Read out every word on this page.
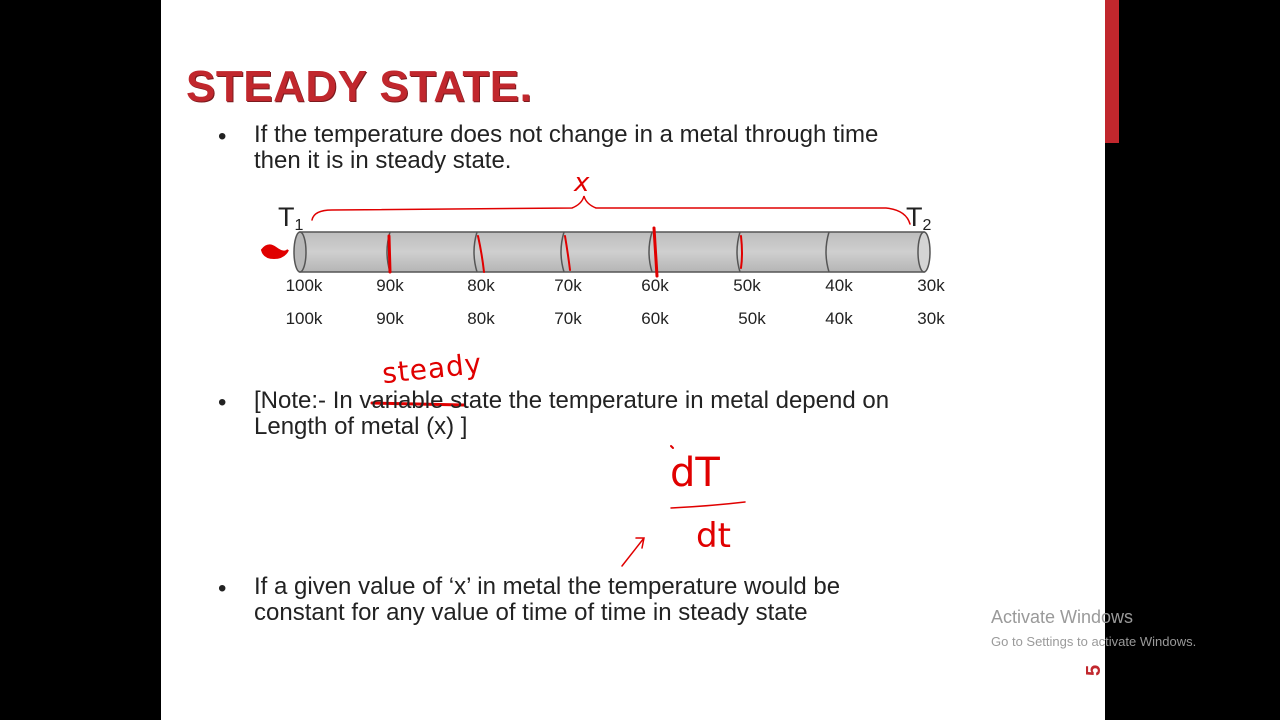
STEADY STATE.
• If the temperature does not change in a metal through time
then it is in steady state.
$T_1$	$T_2$
100k	90k	80k	70k	60k	50k	40k	30k
100k	90k	80k	70k	60k	50k	40k	30k
• [Note:- In variable state the temperature in metal depend on
Length of metal (x) ]
• If a given value of ‘x’ in metal the temperature would be
constant for any value of time of time in steady state
x
steady
dT
dt
Activate Windows
Go to Settings to activate Windows.
5
